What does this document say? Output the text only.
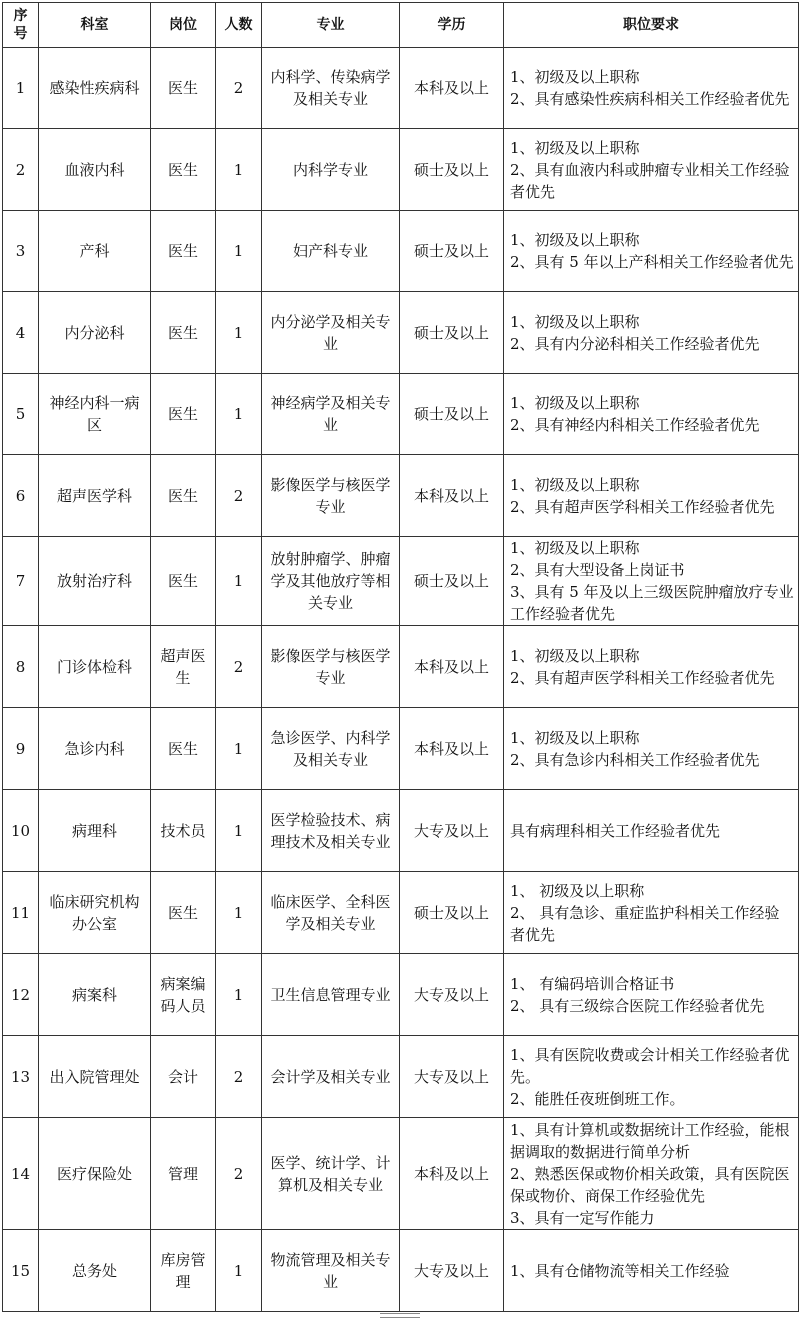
序号	科室	岗位	人数	专业	学历	职位要求
1	感染性疾病科	医生	2	内科学、传染病学及相关专业	本科及以上	1、初级及以上职称
2、具有感染性疾病科相关工作经验者优先

2	血液内科	医生	1	内科学专业	硕士及以上	1、初级及以上职称
2、具有血液内科或肿瘤专业相关工作经验者优先

3	产科	医生	1	妇产科专业	硕士及以上	1、初级及以上职称
2、具有 5 年以上产科相关工作经验者优先

4	内分泌科	医生	1	内分泌学及相关专业	硕士及以上	1、初级及以上职称
2、具有内分泌科相关工作经验者优先

5	神经内科一病区	医生	1	神经病学及相关专业	硕士及以上	1、初级及以上职称
2、具有神经内科相关工作经验者优先

6	超声医学科	医生	2	影像医学与核医学专业	本科及以上	1、初级及以上职称
2、具有超声医学科相关工作经验者优先

7	放射治疗科	医生	1	放射肿瘤学、肿瘤学及其他放疗等相关专业	硕士及以上	1、初级及以上职称
2、具有大型设备上岗证书
3、具有 5 年及以上三级医院肿瘤放疗专业工作经验者优先

8	门诊体检科	超声医生	2	影像医学与核医学专业	本科及以上	1、初级及以上职称
2、具有超声医学科相关工作经验者优先

9	急诊内科	医生	1	急诊医学、内科学及相关专业	本科及以上	1、初级及以上职称
2、具有急诊内科相关工作经验者优先

10	病理科	技术员	1	医学检验技术、病理技术及相关专业	大专及以上	具有病理科相关工作经验者优先

11	临床研究机构办公室	医生	1	临床医学、全科医学及相关专业	硕士及以上	1、 初级及以上职称
2、 具有急诊、重症监护科相关工作经验者优先

12	病案科	病案编码人员	1	卫生信息管理专业	大专及以上	1、 有编码培训合格证书
2、 具有三级综合医院工作经验者优先

13	出入院管理处	会计	2	会计学及相关专业	大专及以上	1、具有医院收费或会计相关工作经验者优先。
2、能胜任夜班倒班工作。

14	医疗保险处	管理	2	医学、统计学、计算机及相关专业	本科及以上	1、具有计算机或数据统计工作经验，能根据调取的数据进行简单分析
2、熟悉医保或物价相关政策，具有医院医保或物价、商保工作经验优先
3、具有一定写作能力

15	总务处	库房管理	1	物流管理及相关专业	大专及以上	1、具有仓储物流等相关工作经验
